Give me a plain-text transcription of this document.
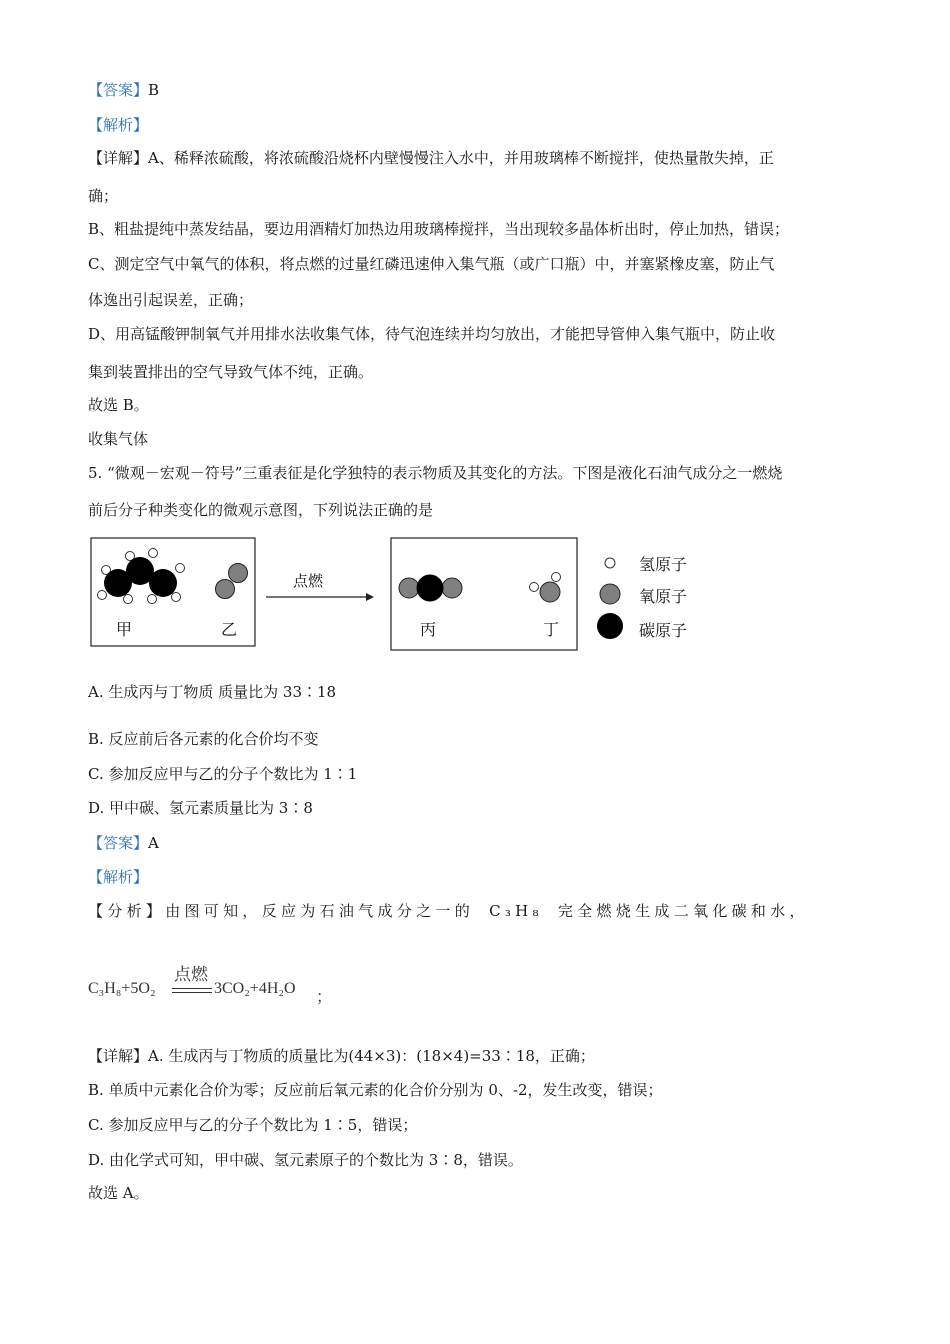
【答案】B
【解析】
【详解】A、稀释浓硫酸，将浓硫酸沿烧杯内壁慢慢注入水中，并用玻璃棒不断搅拌，使热量散失掉，正
确；
B、粗盐提纯中蒸发结晶，要边用酒精灯加热边用玻璃棒搅拌，当出现较多晶体析出时，停止加热，错误；
C、测定空气中氧气的体积，将点燃的过量红磷迅速伸入集气瓶（或广口瓶）中，并塞紧橡皮塞，防止气
体逸出引起误差，正确；
D、用高锰酸钾制氧气并用排水法收集气体，待气泡连续并均匀放出，才能把导管伸入集气瓶中，防止收
集到装置排出的空气导致气体不纯，正确。
故选 B。
收集气体
5. “微观－宏观－符号”三重表征是化学独特的表示物质及其变化的方法。下图是液化石油气成分之一燃烧
前后分子种类变化的微观示意图，下列说法正确的是
甲	乙
点燃
丙	丁
氢原子
氧原子
碳原子
A. 生成丙与丁物质 质量比为 33∶18
B. 反应前后各元素的化合价均不变
C. 参加反应甲与乙的分子个数比为 1∶1
D. 甲中碳、氢元素质量比为 3∶8
【答案】A
【解析】
【分析】由图可知，反应为石油气成分之一的 C₃H₈ 完全燃烧生成二氧化碳和水，
C₃H₈+5O₂
点燃
3CO₂+4H₂O
；
【详解】A. 生成丙与丁物质的质量比为(44×3)：(18×4)=33∶18，正确；
B. 单质中元素化合价为零；反应前后氧元素的化合价分别为 0、-2，发生改变，错误；
C. 参加反应甲与乙的分子个数比为 1∶5，错误；
D. 由化学式可知，甲中碳、氢元素原子的个数比为 3∶8，错误。
故选 A。
